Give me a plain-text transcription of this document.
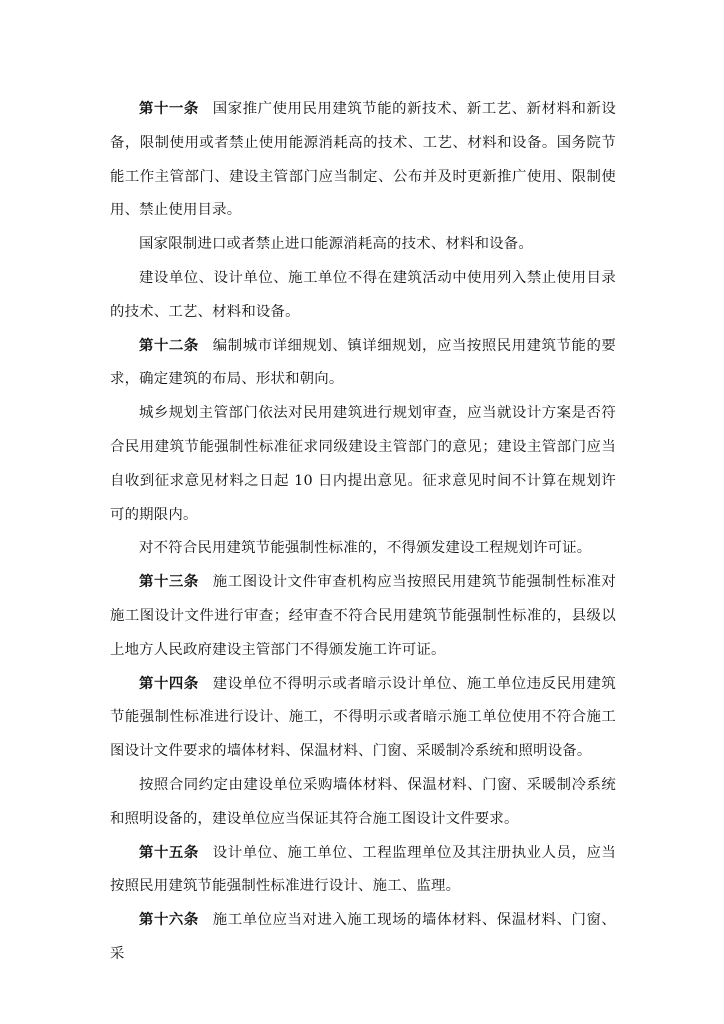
第十一条 国家推广使用民用建筑节能的新技术、新工艺、新材料和新设备，限制使用或者禁止使用能源消耗高的技术、工艺、材料和设备。国务院节能工作主管部门、建设主管部门应当制定、公布并及时更新推广使用、限制使用、禁止使用目录。

国家限制进口或者禁止进口能源消耗高的技术、材料和设备。

建设单位、设计单位、施工单位不得在建筑活动中使用列入禁止使用目录的技术、工艺、材料和设备。

第十二条 编制城市详细规划、镇详细规划，应当按照民用建筑节能的要求，确定建筑的布局、形状和朝向。

城乡规划主管部门依法对民用建筑进行规划审查，应当就设计方案是否符合民用建筑节能强制性标准征求同级建设主管部门的意见；建设主管部门应当自收到征求意见材料之日起 10 日内提出意见。征求意见时间不计算在规划许可的期限内。

对不符合民用建筑节能强制性标准的，不得颁发建设工程规划许可证。

第十三条 施工图设计文件审查机构应当按照民用建筑节能强制性标准对施工图设计文件进行审查；经审查不符合民用建筑节能强制性标准的，县级以上地方人民政府建设主管部门不得颁发施工许可证。

第十四条 建设单位不得明示或者暗示设计单位、施工单位违反民用建筑节能强制性标准进行设计、施工，不得明示或者暗示施工单位使用不符合施工图设计文件要求的墙体材料、保温材料、门窗、采暖制冷系统和照明设备。

按照合同约定由建设单位采购墙体材料、保温材料、门窗、采暖制冷系统和照明设备的，建设单位应当保证其符合施工图设计文件要求。

第十五条 设计单位、施工单位、工程监理单位及其注册执业人员，应当按照民用建筑节能强制性标准进行设计、施工、监理。

第十六条 施工单位应当对进入施工现场的墙体材料、保温材料、门窗、采
